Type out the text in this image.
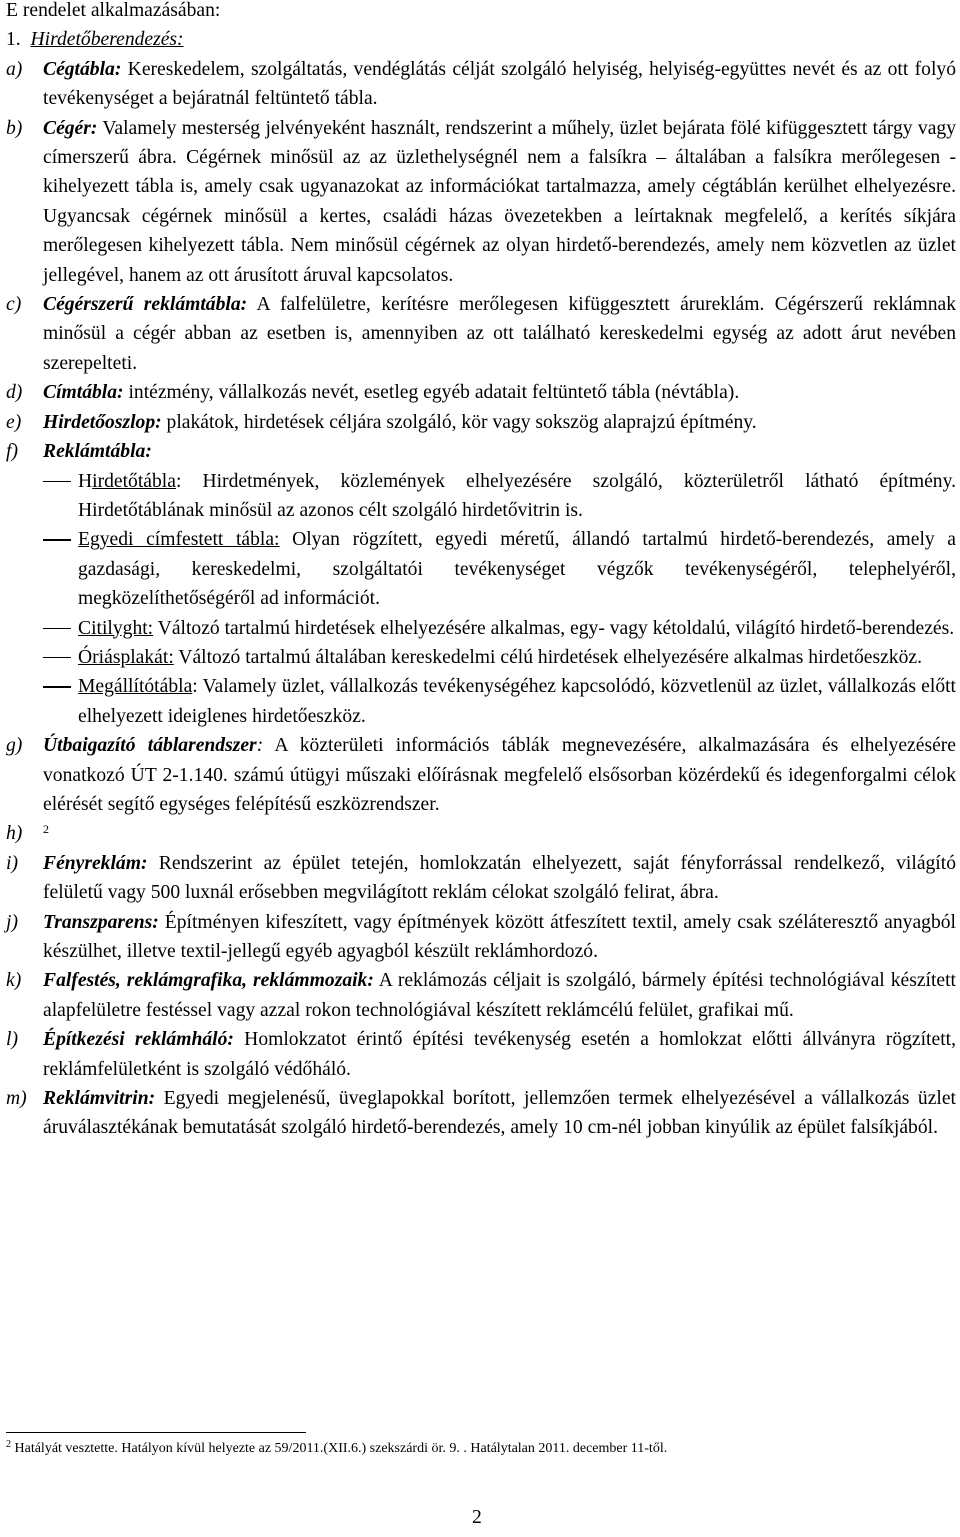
E rendelet alkalmazásában:
1. Hirdetőberendezés:
a) Cégtábla: Kereskedelem, szolgáltatás, vendéglátás célját szolgáló helyiség, helyiség-együttes nevét és az ott folyó tevékenységet a bejáratnál feltüntető tábla.
b) Cégér: Valamely mesterség jelvényeként használt, rendszerint a műhely, üzlet bejárata fölé kifüggesztett tárgy vagy címerszerű ábra. Cégérnek minősül az az üzlethelységnél nem a falsíkra – általában a falsíkra merőlegesen - kihelyezett tábla is, amely csak ugyanazokat az információkat tartalmazza, amely cégtáblán kerülhet elhelyezésre. Ugyancsak cégérnek minősül a kertes, családi házas övezetekben a leírtaknak megfelelő, a kerítés síkjára merőlegesen kihelyezett tábla. Nem minősül cégérnek az olyan hirdető-berendezés, amely nem közvetlen az üzlet jellegével, hanem az ott árusított áruval kapcsolatos.
c) Cégérszerű reklámtábla: A falfelületre, kerítésre merőlegesen kifüggesztett árureklám. Cégérszerű reklámnak minősül a cégér abban az esetben is, amennyiben az ott található kereskedelmi egység az adott árut nevében szerepelteti.
d) Címtábla: intézmény, vállalkozás nevét, esetleg egyéb adatait feltüntető tábla (névtábla).
e) Hirdetőoszlop: plakátok, hirdetések céljára szolgáló, kör vagy sokszög alaprajzú építmény.
f) Reklámtábla:
Hirdetőtábla: Hirdetmények, közlemények elhelyezésére szolgáló, közterületről látható építmény. Hirdetőtáblának minősül az azonos célt szolgáló hirdetővitrin is.
Egyedi címfestett tábla: Olyan rögzített, egyedi méretű, állandó tartalmú hirdető-berendezés, amely a gazdasági, kereskedelmi, szolgáltatói tevékenységet végzők tevékenységéről, telephelyéről, megközelíthetőségéről ad információt.
Citilyght: Változó tartalmú hirdetések elhelyezésére alkalmas, egy- vagy kétoldalú, világító hirdető-berendezés.
Óriásplakát: Változó tartalmú általában kereskedelmi célú hirdetések elhelyezésére alkalmas hirdetőeszköz.
Megállítótábla: Valamely üzlet, vállalkozás tevékenységéhez kapcsolódó, közvetlenül az üzlet, vállalkozás előtt elhelyezett ideiglenes hirdetőeszköz.
g) Útbaigazító táblarendszer: A közterületi információs táblák megnevezésére, alkalmazására és elhelyezésére vonatkozó ÚT 2-1.140. számú útügyi műszaki előírásnak megfelelő elsősorban közérdekű és idegenforgalmi célok elérését segítő egységes felépítésű eszközrendszer.
h) $^2$
i) Fényreklám: Rendszerint az épület tetején, homlokzatán elhelyezett, saját fényforrással rendelkező, világító felületű vagy 500 luxnál erősebben megvilágított reklám célokat szolgáló felirat, ábra.
j) Transzparens: Építményen kifeszített, vagy építmények között átfeszített textil, amely csak széláteresztő anyagból készülhet, illetve textil-jellegű egyéb agyagból készült reklámhordozó.
k) Falfestés, reklámgrafika, reklámmozaik: A reklámozás céljait is szolgáló, bármely építési technológiával készített alapfelületre festéssel vagy azzal rokon technológiával készített reklámcélú felület, grafikai mű.
l) Építkezési reklámháló: Homlokzatot érintő építési tevékenység esetén a homlokzat előtti állványra rögzített, reklámfelületként is szolgáló védőháló.
m) Reklámvitrin: Egyedi megjelenésű, üveglapokkal borított, jellemzően termek elhelyezésével a vállalkozás üzlet áruválasztékának bemutatását szolgáló hirdető-berendezés, amely 10 cm-nél jobban kinyúlik az épület falsíkjából.
$^2$ Hatályát vesztette. Hatályon kívül helyezte az 59/2011.(XII.6.) szekszárdi ör. 9. . Hatálytalan 2011. december 11-től.
2
